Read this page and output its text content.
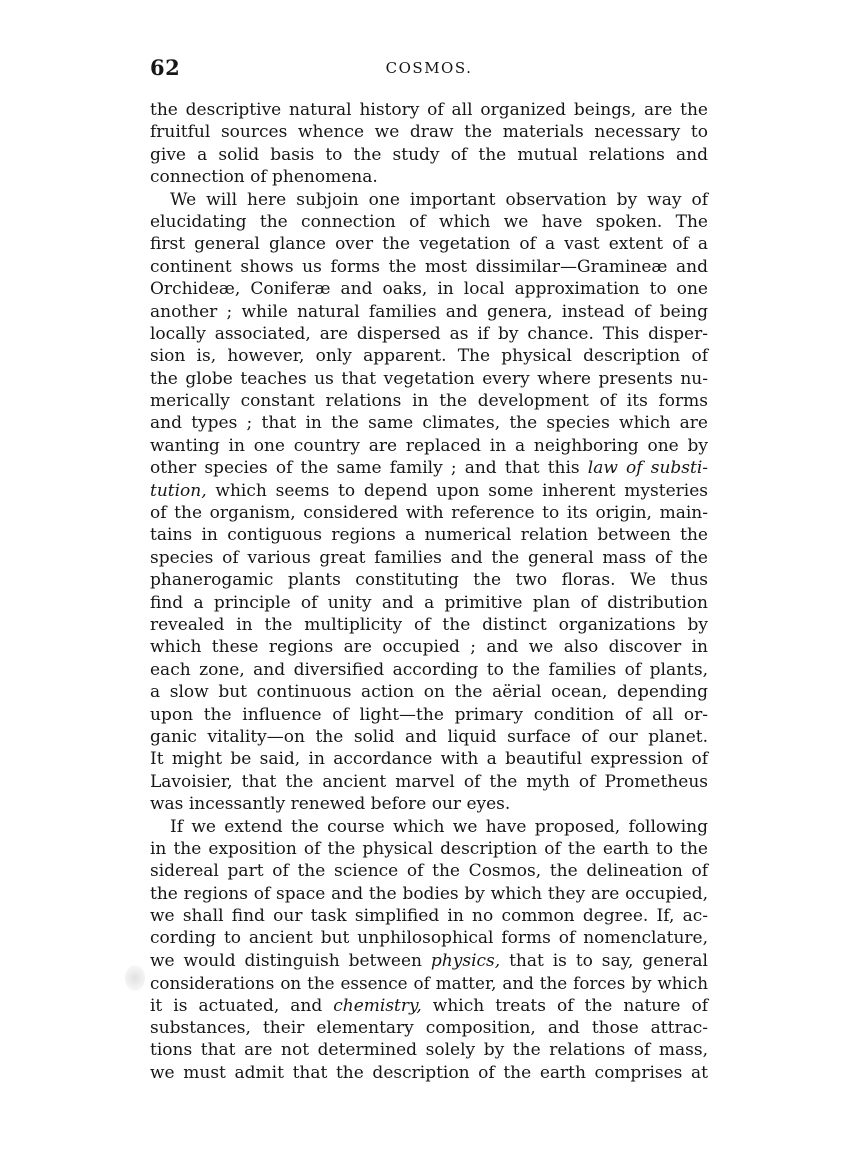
62	COSMOS.
the descriptive natural history of all organized beings, are the
fruitful sources whence we draw the materials necessary to
give a solid basis to the study of the mutual relations and
connection of phenomena.
We will here subjoin one important observation by way of
elucidating the connection of which we have spoken. The
first general glance over the vegetation of a vast extent of a
continent shows us forms the most dissimilar—Gramineæ and
Orchideæ, Coniferæ and oaks, in local approximation to one
another ; while natural families and genera, instead of being
locally associated, are dispersed as if by chance. This disper-
sion is, however, only apparent. The physical description of
the globe teaches us that vegetation every where presents nu-
merically constant relations in the development of its forms
and types ; that in the same climates, the species which are
wanting in one country are replaced in a neighboring one by
other species of the same family ; and that this law of substi-
tution, which seems to depend upon some inherent mysteries
of the organism, considered with reference to its origin, main-
tains in contiguous regions a numerical relation between the
species of various great families and the general mass of the
phanerogamic plants constituting the two floras. We thus
find a principle of unity and a primitive plan of distribution
revealed in the multiplicity of the distinct organizations by
which these regions are occupied ; and we also discover in
each zone, and diversified according to the families of plants,
a slow but continuous action on the aërial ocean, depending
upon the influence of light—the primary condition of all or-
ganic vitality—on the solid and liquid surface of our planet.
It might be said, in accordance with a beautiful expression of
Lavoisier, that the ancient marvel of the myth of Prometheus
was incessantly renewed before our eyes.
If we extend the course which we have proposed, following
in the exposition of the physical description of the earth to the
sidereal part of the science of the Cosmos, the delineation of
the regions of space and the bodies by which they are occupied,
we shall find our task simplified in no common degree. If, ac-
cording to ancient but unphilosophical forms of nomenclature,
we would distinguish between physics, that is to say, general
considerations on the essence of matter, and the forces by which
it is actuated, and chemistry, which treats of the nature of
substances, their elementary composition, and those attrac-
tions that are not determined solely by the relations of mass,
we must admit that the description of the earth comprises at
